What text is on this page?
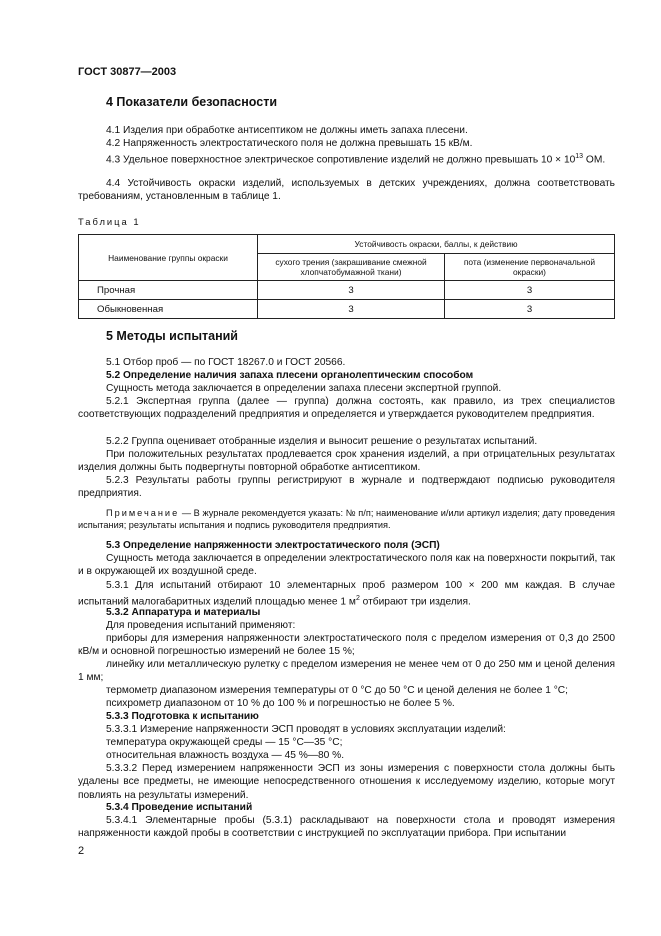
ГОСТ 30877—2003
4 Показатели безопасности
4.1 Изделия при обработке антисептиком не должны иметь запаха плесени.
4.2 Напряженность электростатического поля не должна превышать 15 кВ/м.
4.3 Удельное поверхностное электрическое сопротивление изделий не должно превышать $10 \times 10^{13}$ ОМ.
4.4 Устойчивость окраски изделий, используемых в детских учреждениях, должна соответствовать требованиям, установленным в таблице 1.
Таблица 1
Наименование группы окраски	Устойчивость окраски, баллы, к действию	
	сухого трения (закрашивание смежной хлопчатобумажной ткани)	пота (изменение первоначальной окраски)
Прочная	3	3
Обыкновенная	3	3
5 Методы испытаний
5.1 Отбор проб — по ГОСТ 18267.0 и ГОСТ 20566.
5.2 Определение наличия запаха плесени органолептическим способом
Сущность метода заключается в определении запаха плесени экспертной группой.
5.2.1 Экспертная группа (далее — группа) должна состоять, как правило, из трех специалистов соответствующих подразделений предприятия и определяется и утверждается руководителем предприятия.
5.2.2 Группа оценивает отобранные изделия и выносит решение о результатах испытаний.
При положительных результатах продлевается срок хранения изделий, а при отрицательных результатах изделия должны быть подвергнуты повторной обработке антисептиком.
5.2.3 Результаты работы группы регистрируют в журнале и подтверждают подписью руководителя предприятия.
Примечание — В журнале рекомендуется указать: № п/п; наименование и/или артикул изделия; дату проведения испытания; результаты испытания и подпись руководителя предприятия.
5.3 Определение напряженности электростатического поля (ЭСП)
Сущность метода заключается в определении электростатического поля как на поверхности покрытий, так и в окружающей их воздушной среде.
5.3.1 Для испытаний отбирают 10 элементарных проб размером 100 × 200 мм каждая. В случае испытаний малогабаритных изделий площадью менее 1 $м^2$ отбирают три изделия.
5.3.2 Аппаратура и материалы
Для проведения испытаний применяют:
приборы для измерения напряженности электростатического поля с пределом измерения от 0,3 до 2500 кВ/м и основной погрешностью измерений не более 15 %;
линейку или металлическую рулетку с пределом измерения не менее чем от 0 до 250 мм и ценой деления 1 мм;
термометр диапазоном измерения температуры от 0 °С до 50 °С и ценой деления не более 1 °С;
психрометр диапазоном от 10 % до 100 % и погрешностью не более 5 %.
5.3.3 Подготовка к испытанию
5.3.3.1 Измерение напряженности ЭСП проводят в условиях эксплуатации изделий:
температура окружающей среды — 15 °С—35 °С;
относительная влажность воздуха — 45 %—80 %.
5.3.3.2 Перед измерением напряженности ЭСП из зоны измерения с поверхности стола должны быть удалены все предметы, не имеющие непосредственного отношения к исследуемому изделию, которые могут повлиять на результаты измерений.
5.3.4 Проведение испытаний
5.3.4.1 Элементарные пробы (5.3.1) раскладывают на поверхности стола и проводят измерения напряженности каждой пробы в соответствии с инструкцией по эксплуатации прибора. При испытании
2
